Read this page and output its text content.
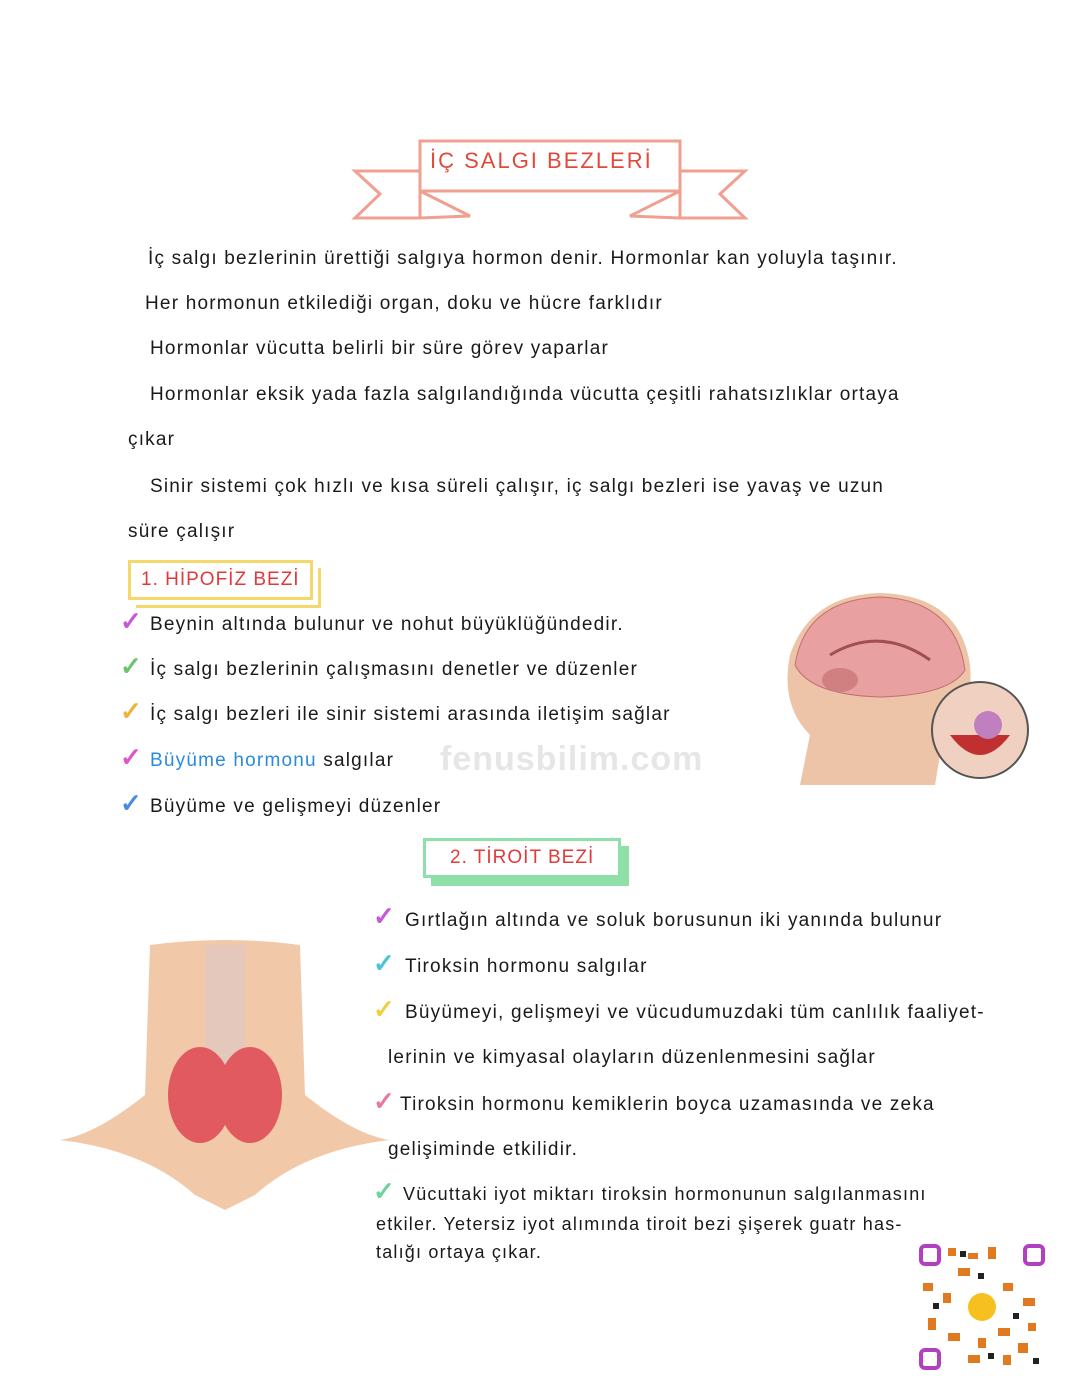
İÇ SALGI BEZLERİ
fenusbilim.com
İç salgı bezlerinin ürettiği salgıya hormon denir. Hormonlar kan yoluyla taşınır.
Her hormonun etkilediği organ, doku ve hücre farklıdır
Hormonlar vücutta belirli bir süre görev yaparlar
Hormonlar eksik yada fazla salgılandığında vücutta çeşitli rahatsızlıklar ortaya
çıkar
Sinir sistemi çok hızlı ve kısa süreli çalışır, iç salgı bezleri ise yavaş ve uzun
süre çalışır
1. HİPOFİZ BEZİ
✓ Beynin altında bulunur ve nohut büyüklüğündedir.
✓ İç salgı bezlerinin çalışmasını denetler ve düzenler
✓ İç salgı bezleri ile sinir sistemi arasında iletişim sağlar
✓ Büyüme hormonu salgılar
✓ Büyüme ve gelişmeyi düzenler
2. TİROİT BEZİ
✓ Gırtlağın altında ve soluk borusunun iki yanında bulunur
✓ Tiroksin hormonu salgılar
✓ Büyümeyi, gelişmeyi ve vücudumuzdaki tüm canlılık faaliyet-
lerinin ve kimyasal olayların düzenlenmesini sağlar
✓ Tiroksin hormonu kemiklerin boyca uzamasında ve zeka
gelişiminde etkilidir.
✓ Vücuttaki iyot miktarı tiroksin hormonunun salgılanmasını
etkiler. Yetersiz iyot alımında tiroit bezi şişerek guatr has-
talığı ortaya çıkar.
